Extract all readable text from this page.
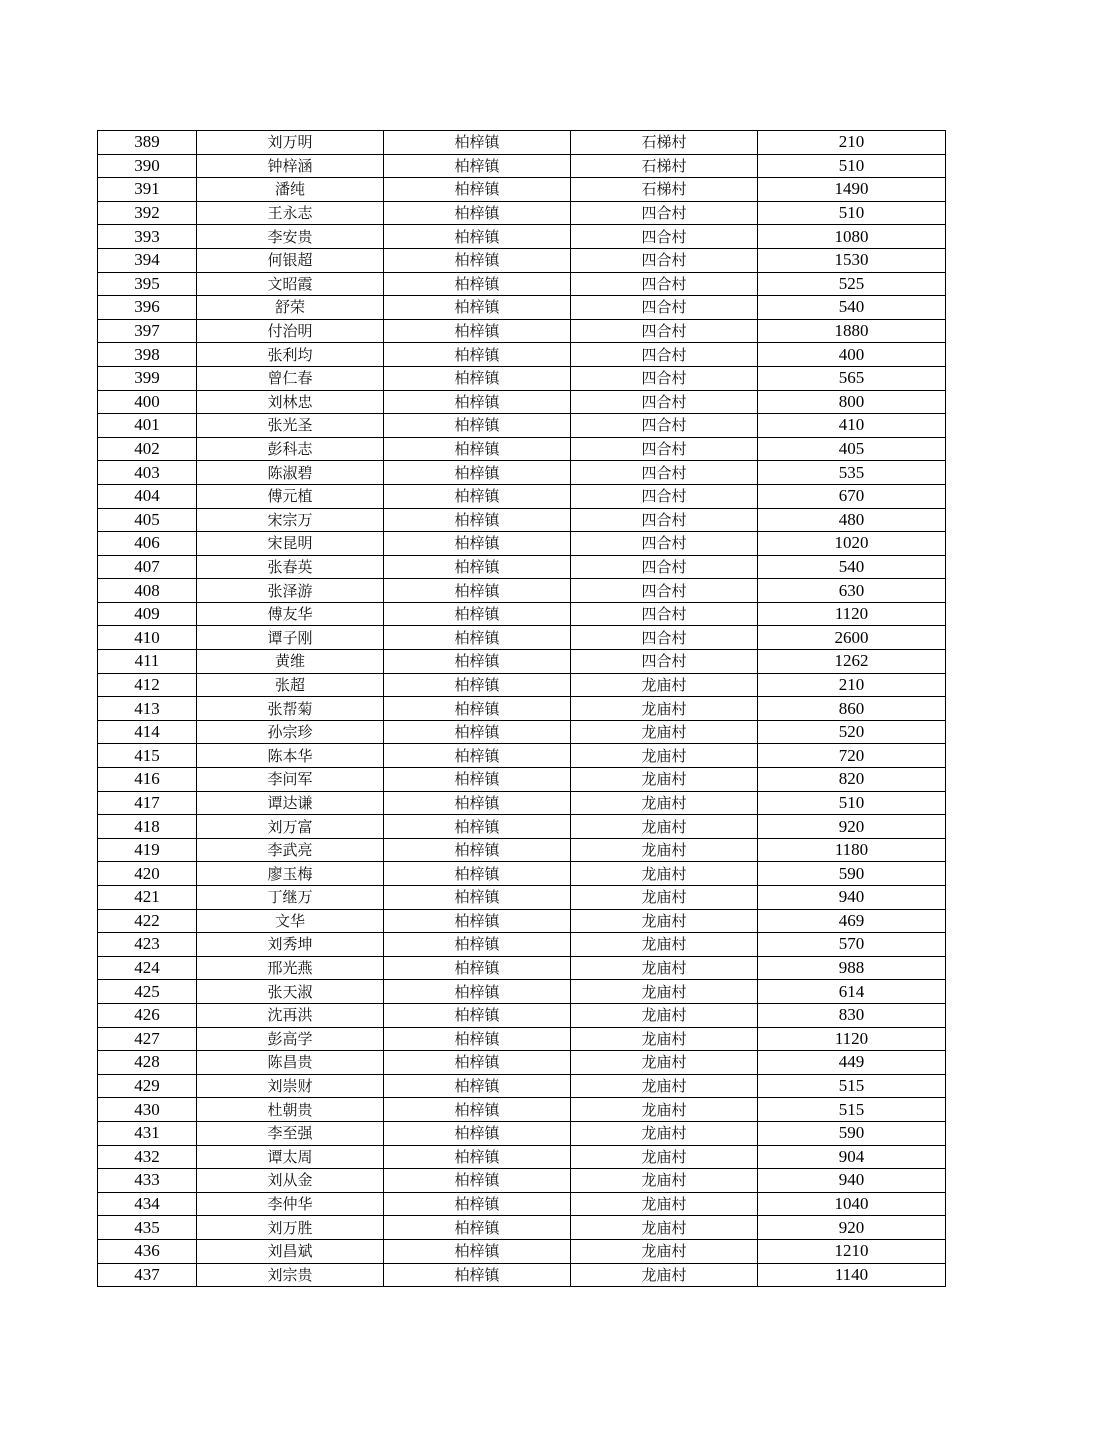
389	刘万明	柏梓镇	石梯村	210
390	钟梓涵	柏梓镇	石梯村	510
391	潘纯	柏梓镇	石梯村	1490
392	王永志	柏梓镇	四合村	510
393	李安贵	柏梓镇	四合村	1080
394	何银超	柏梓镇	四合村	1530
395	文昭霞	柏梓镇	四合村	525
396	舒荣	柏梓镇	四合村	540
397	付治明	柏梓镇	四合村	1880
398	张利均	柏梓镇	四合村	400
399	曾仁春	柏梓镇	四合村	565
400	刘林忠	柏梓镇	四合村	800
401	张光圣	柏梓镇	四合村	410
402	彭科志	柏梓镇	四合村	405
403	陈淑碧	柏梓镇	四合村	535
404	傅元植	柏梓镇	四合村	670
405	宋宗万	柏梓镇	四合村	480
406	宋昆明	柏梓镇	四合村	1020
407	张春英	柏梓镇	四合村	540
408	张泽游	柏梓镇	四合村	630
409	傅友华	柏梓镇	四合村	1120
410	谭子刚	柏梓镇	四合村	2600
411	黄维	柏梓镇	四合村	1262
412	张超	柏梓镇	龙庙村	210
413	张帮菊	柏梓镇	龙庙村	860
414	孙宗珍	柏梓镇	龙庙村	520
415	陈本华	柏梓镇	龙庙村	720
416	李问军	柏梓镇	龙庙村	820
417	谭达谦	柏梓镇	龙庙村	510
418	刘万富	柏梓镇	龙庙村	920
419	李武亮	柏梓镇	龙庙村	1180
420	廖玉梅	柏梓镇	龙庙村	590
421	丁继万	柏梓镇	龙庙村	940
422	文华	柏梓镇	龙庙村	469
423	刘秀坤	柏梓镇	龙庙村	570
424	邢光燕	柏梓镇	龙庙村	988
425	张天淑	柏梓镇	龙庙村	614
426	沈再洪	柏梓镇	龙庙村	830
427	彭高学	柏梓镇	龙庙村	1120
428	陈昌贵	柏梓镇	龙庙村	449
429	刘崇财	柏梓镇	龙庙村	515
430	杜朝贵	柏梓镇	龙庙村	515
431	李至强	柏梓镇	龙庙村	590
432	谭太周	柏梓镇	龙庙村	904
433	刘从金	柏梓镇	龙庙村	940
434	李仲华	柏梓镇	龙庙村	1040
435	刘万胜	柏梓镇	龙庙村	920
436	刘昌斌	柏梓镇	龙庙村	1210
437	刘宗贵	柏梓镇	龙庙村	1140
